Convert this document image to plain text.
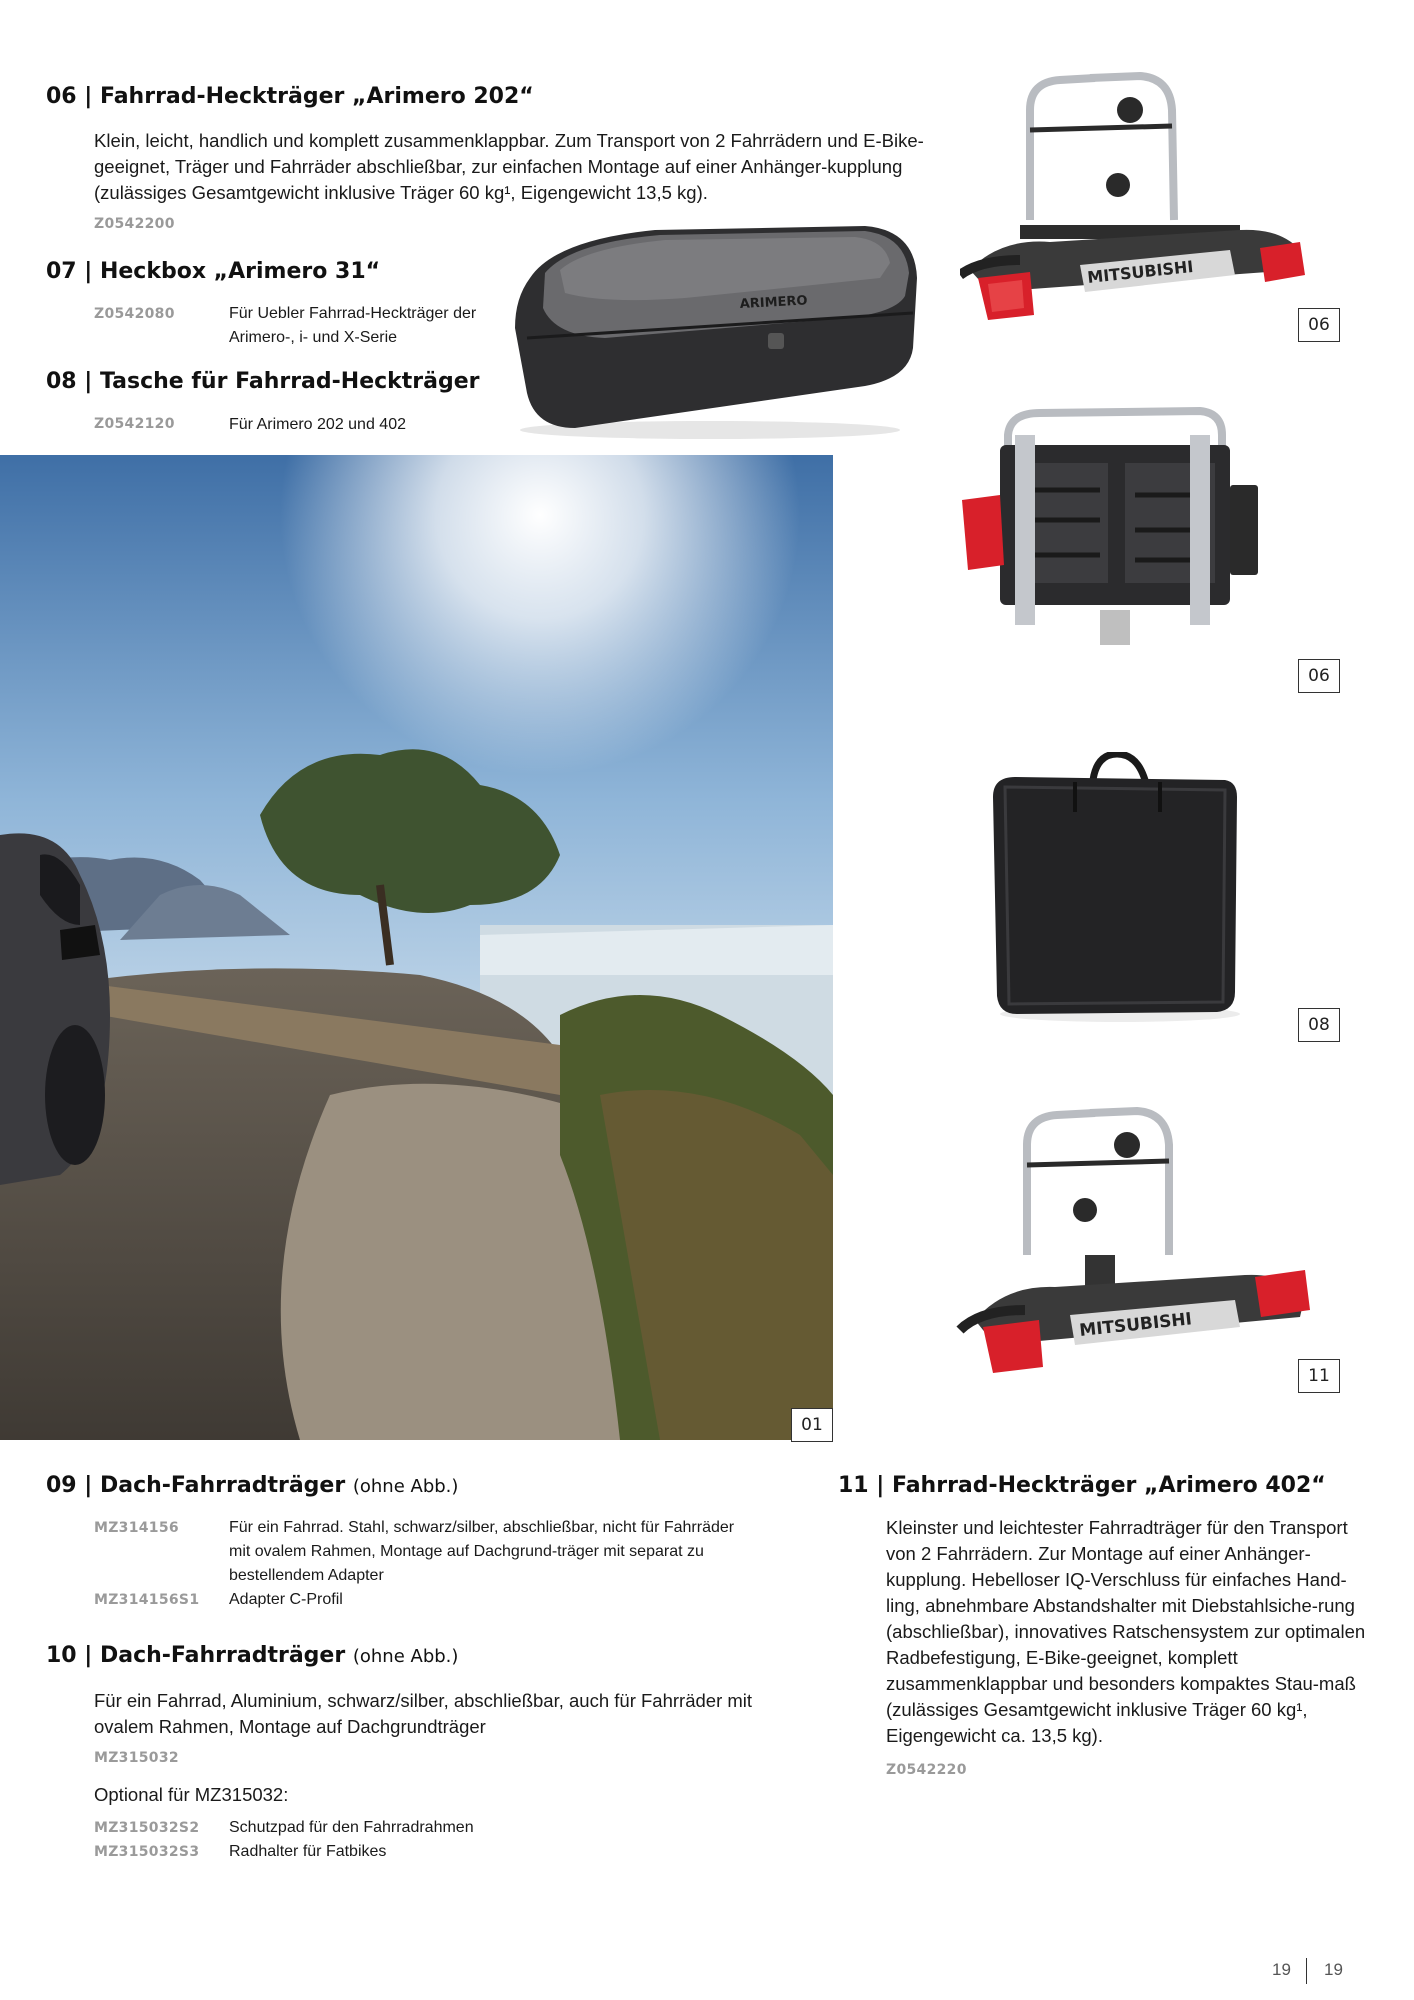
06 | Fahrrad-Heckträger „Arimero 202“
Klein, leicht, handlich und komplett zusammenklappbar. Zum Transport von 2 Fahrrädern und E-Bike-geeignet, Träger und Fahrräder abschließbar, zur einfachen Montage auf einer Anhänger-kupplung (zulässiges Gesamtgewicht inklusive Träger 60 kg¹, Eigengewicht 13,5 kg).
Z0542200
07 | Heckbox „Arimero 31“
Z0542080	Für Uebler Fahrrad-Heckträger der Arimero-, i- und X-Serie
08 | Tasche für Fahrrad-Heckträger
Z0542120	Für Arimero 202 und 402
ARIMERO
MITSUBISHI
06
06
08
MITSUBISHI
11
01
09 | Dach-Fahrradträger (ohne Abb.)
MZ314156	Für ein Fahrrad. Stahl, schwarz/silber, abschließbar, nicht für Fahrräder mit ovalem Rahmen, Montage auf Dachgrund-träger mit separat zu bestellendem Adapter
MZ314156S1 Adapter C-Profil
10 | Dach-Fahrradträger (ohne Abb.)
Für ein Fahrrad, Aluminium, schwarz/silber, abschließbar, auch für Fahrräder mit ovalem Rahmen, Montage auf Dachgrundträger
MZ315032
Optional für MZ315032:
MZ315032S2 Schutzpad für den Fahrradrahmen
MZ315032S3 Radhalter für Fatbikes
11 | Fahrrad-Heckträger „Arimero 402“
Kleinster und leichtester Fahrradträger für den Transport von 2 Fahrrädern. Zur Montage auf einer Anhänger-kupplung. Hebelloser IQ-Verschluss für einfaches Hand-ling, abnehmbare Abstandshalter mit Diebstahlsiche-rung (abschließbar), innovatives Ratschensystem zur optimalen Radbefestigung, E-Bike-geeignet, komplett zusammenklappbar und besonders kompaktes Stau-maß (zulässiges Gesamtgewicht inklusive Träger 60 kg¹, Eigengewicht ca. 13,5 kg).
Z0542220
19 19
